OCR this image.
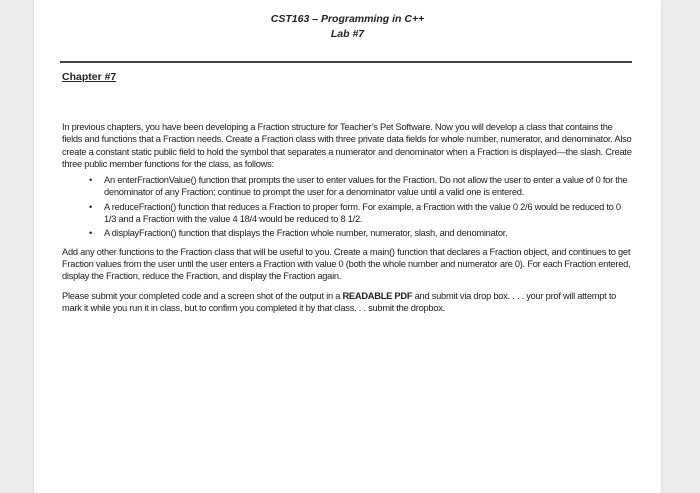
CST163 – Programming in C++
Lab #7
Chapter #7

In previous chapters, you have been developing a Fraction structure for Teacher’s Pet Software. Now you will develop a class that contains the fields and functions that a Fraction needs. Create a Fraction class with three private data fields for whole number, numerator, and denominator. Also create a constant static public field to hold the symbol that separates a numerator and denominator when a Fraction is displayed—the slash. Create three public member functions for the class, as follows:

• An enterFractionValue() function that prompts the user to enter values for the Fraction. Do not allow the user to enter a value of 0 for the denominator of any Fraction; continue to prompt the user for a denominator value until a valid one is entered.
• A reduceFraction() function that reduces a Fraction to proper form. For example, a Fraction with the value 0 2/6 would be reduced to 0 1/3 and a Fraction with the value 4 18/4 would be reduced to 8 1/2.
• A displayFraction() function that displays the Fraction whole number, numerator, slash, and denominator.

Add any other functions to the Fraction class that will be useful to you. Create a main() function that declares a Fraction object, and continues to get Fraction values from the user until the user enters a Fraction with value 0 (both the whole number and numerator are 0). For each Fraction entered, display the Fraction, reduce the Fraction, and display the Fraction again.

Please submit your completed code and a screen shot of the output in a READABLE PDF and submit via drop box. . . . your prof will attempt to mark it while you run it in class, but to confirm you completed it by that class. . . submit the dropbox.
